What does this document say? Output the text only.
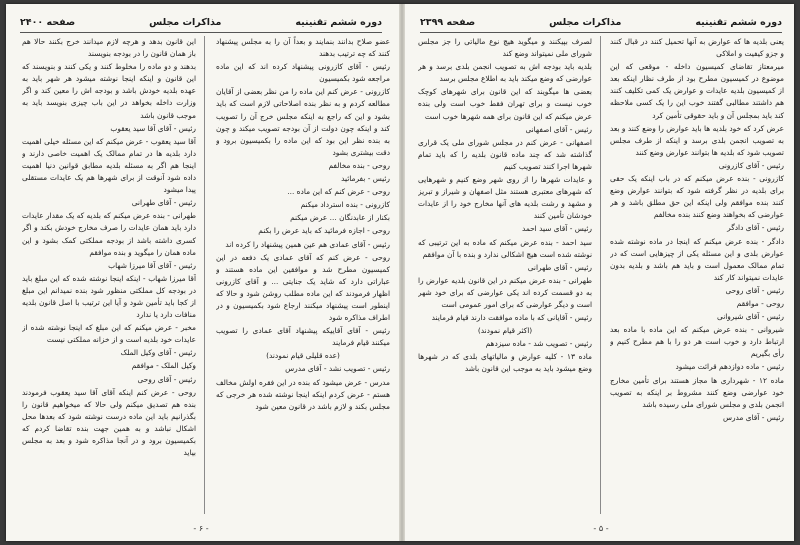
دوره ششم تقنینیه
مذاکرات مجلس
صفحه ۲۴۰۰

عضو صلاح بدانند بنمایند و بعداً آن را به مجلس پیشنهاد کنند که چه ترتیب بدهند

رئیس - آقای کازرونی پیشنهاد کرده اند که این ماده مراجعه شود بکمیسیون

کازرونی - عرض کنم این ماده را من نظر بعضی از آقایان مطالعه کردم و به نظر بنده اصلاحاتی لازم است که باید بشود و این که راجع به اینکه مجلس خرج آن را تصویب کند و اینکه چون دولت از آن بودجه تصویب میکند و چون به بنده نظر این بود که این ماده را بکمیسیون برود و دقت بیشتری بشود

روحی - بنده مخالفم

رئیس - بفرمائید

روحی - عرض کنم که این ماده ...

کازرونی - بنده استرداد میکنم

بکنار از عابدنگان ... عرض میکنم

روحی - اجازه فرمائید که باید عرض را بکنم

رئیس - آقای عمادی هم عین همین پیشنهاد را کرده اند

روحی - عرض کنم که آقای عمادی یک دفعه در این کمیسیون مطرح شد و موافقین این ماده هستند و عباراتی دارد که شاید یک جنایتی ... و آقای کازرونی اظهار فرمودند که این ماده مطلب روشن شود و حالا که اینطور است پیشنهاد میکنند ارجاع شود بکمیسیون و در اطراف مذاکره شود

رئیس - آقای آقاییکه پیشنهاد آقای عمادی را تصویب میکنند قیام فرمایند

(عده قلیلی قیام نمودند)

رئیس - تصویب نشد - آقای مدرس

مدرس - عرض میشود که بنده در این فقره اولش مخالف هستم - عرض کردم اینکه اینجا نوشته شده هر خرجی که مجلس بکند و لازم باشد در قانون معین شود

این قانون بدهد و هرچه لازم میدانند خرج بکنند حالا هم باز همان قانون را در بودجه بنویسند

بدهند و دو ماده را مخلوط کنند و یکی کنند و بنویسند که این قانون و اینکه اینجا نوشته میشود هر شهر باید به عهده بلدیه خودش باشد و بودجه اش را معین کند و اگر وزارت داخله بخواهد در این باب چیزی بنویسد باید به موجب قانون باشد

رئیس - آقای آقا سید یعقوب

آقا سید یعقوب - عرض میکنم که این مسئله خیلی اهمیت دارد بلدیه ها در تمام ممالک یک اهمیت خاصی دارند و اینجا هم اگر به مسئله بلدیه مطابق قوانین دنیا اهمیت داده شود آنوقت از برای شهرها هم یک عایدات مستقلی پیدا میشود

رئیس - آقای طهرانی

طهرانی - بنده عرض میکنم که بلدیه که یک مقدار عایدات دارد باید همان عایدات را صرف مخارج خودش بکند و اگر کسری داشته باشد از بودجه مملکتی کمک بشود و این ماده همان را میگوید و بنده موافقم

رئیس - آقای آقا میرزا شهاب

آقا میرزا شهاب - اینکه اینجا نوشته شده که این مبلغ باید در بودجه کل مملکتی منظور شود بنده نمیدانم این مبلغ از کجا باید تأمین شود و آیا این ترتیب با اصل قانون بلدیه منافات دارد یا ندارد

مخبر - عرض میکنم که این مبلغ که اینجا نوشته شده از عایدات خود بلدیه است و از خزانه مملکتی نیست

رئیس - آقای وکیل الملک

وکیل الملک - موافقم

رئیس - آقای روحی

روحی - عرض کنم اینکه آقای آقا سید یعقوب فرمودند بنده هم تصدیق میکنم ولی حالا که میخواهیم قانون را بگذرانیم باید این ماده درست نوشته شود که بعدها محل اشکال نباشد و به همین جهت بنده تقاضا کردم که بکمیسیون برود و در آنجا مذاکره شود و بعد به مجلس بیاید

- ۶ -
دوره ششم تقنینیه
مذاکرات مجلس
صفحه ۲۳۹۹

یعنی بلدیه ها که عوارض به آنها تحمیل کنند در قبال کنند و جزو کیفیت و املاکی

میرمعتاز تقاضای کمیسیون داخله - موقعی که این موضوع در کمیسیون مطرح بود از طرف نظار اینکه بعد از کمیسیون بلدیه عایدات و عوارض یک کمی تکلیف کنند هم داشتند مطالبی گفتند خوب این را یک کسی ملاحظه کند باید بمجلس آن و باید حقوقی تأمین کرد

عرض کرد که خود بلدیه ها باید عوارض را وضع کنند و بعد به تصویب انجمن بلدی برسد و اینکه از طرف مجلس تصویب شود که بلدیه ها بتوانند عوارض وضع کنند

رئیس - آقای کازرونی

کازرونی - بنده عرض میکنم که در باب اینکه یک حقی برای بلدیه در نظر گرفته شود که بتوانند عوارض وضع کنند بنده موافقم ولی اینکه این حق مطلق باشد و هر عوارضی که بخواهند وضع کنند بنده مخالفم

رئیس - آقای دادگر

دادگر - بنده عرض میکنم که اینجا در ماده نوشته شده عوارض بلدی و این مسئله یکی از چیزهایی است که در تمام ممالک معمول است و باید هم باشد و بلدیه بدون عایدات نمیتواند کار کند

رئیس - آقای روحی

روحی - موافقم

رئیس - آقای شیروانی

شیروانی - بنده عرض میکنم که این ماده با ماده بعد ارتباط دارد و خوب است هر دو را با هم مطرح کنیم و رأی بگیریم

رئیس - ماده دوازدهم قرائت میشود

ماده ۱۲ - شهرداری ها مجاز هستند برای تأمین مخارج خود عوارضی وضع کنند مشروط بر اینکه به تصویب انجمن بلدی و مجلس شورای ملی رسیده باشد

رئیس - آقای مدرس

لصرف بپیکنند و میگوید هیچ نوع مالیاتی را جز مجلس شورای ملی نمیتواند وضع کند

بلدیه باید بودجه اش به تصویب انجمن بلدی برسد و هر عوارضی که وضع میکند باید به اطلاع مجلس برسد

بعضی ها میگویند که این قانون برای شهرهای کوچک خوب نیست و برای تهران فقط خوب است ولی بنده عرض میکنم که این قانون برای همه شهرها خوب است

رئیس - آقای اصفهانی

اصفهانی - عرض کنم در مجلس شورای ملی یک قراری گذاشته شد که چند ماده قانون بلدیه را که باید تمام شهرها اجرا کنند تصویب کنیم

و عایدات شهرها را از روی شهر وضع کنیم و شهرهایی که شهرهای معتبری هستند مثل اصفهان و شیراز و تبریز و مشهد و رشت بلدیه های آنها مخارج خود را از عایدات خودشان تأمین کنند

رئیس - آقای سید احمد

سید احمد - بنده عرض میکنم که ماده به این ترتیبی که نوشته شده است هیچ اشکالی ندارد و بنده با آن موافقم

رئیس - آقای طهرانی

طهرانی - بنده عرض میکنم در این قانون بلدیه عوارض را به دو قسمت کرده اند یکی عوارضی که برای خود شهر است و دیگر عوارضی که برای امور عمومی است

رئیس - آقایانی که با ماده موافقت دارند قیام فرمایند

(اکثر قیام نمودند)

رئیس - تصویب شد - ماده سیزدهم

ماده ۱۳ - کلیه عوارض و مالیاتهای بلدی که در شهرها وضع میشود باید به موجب این قانون باشد

- ۵ -
